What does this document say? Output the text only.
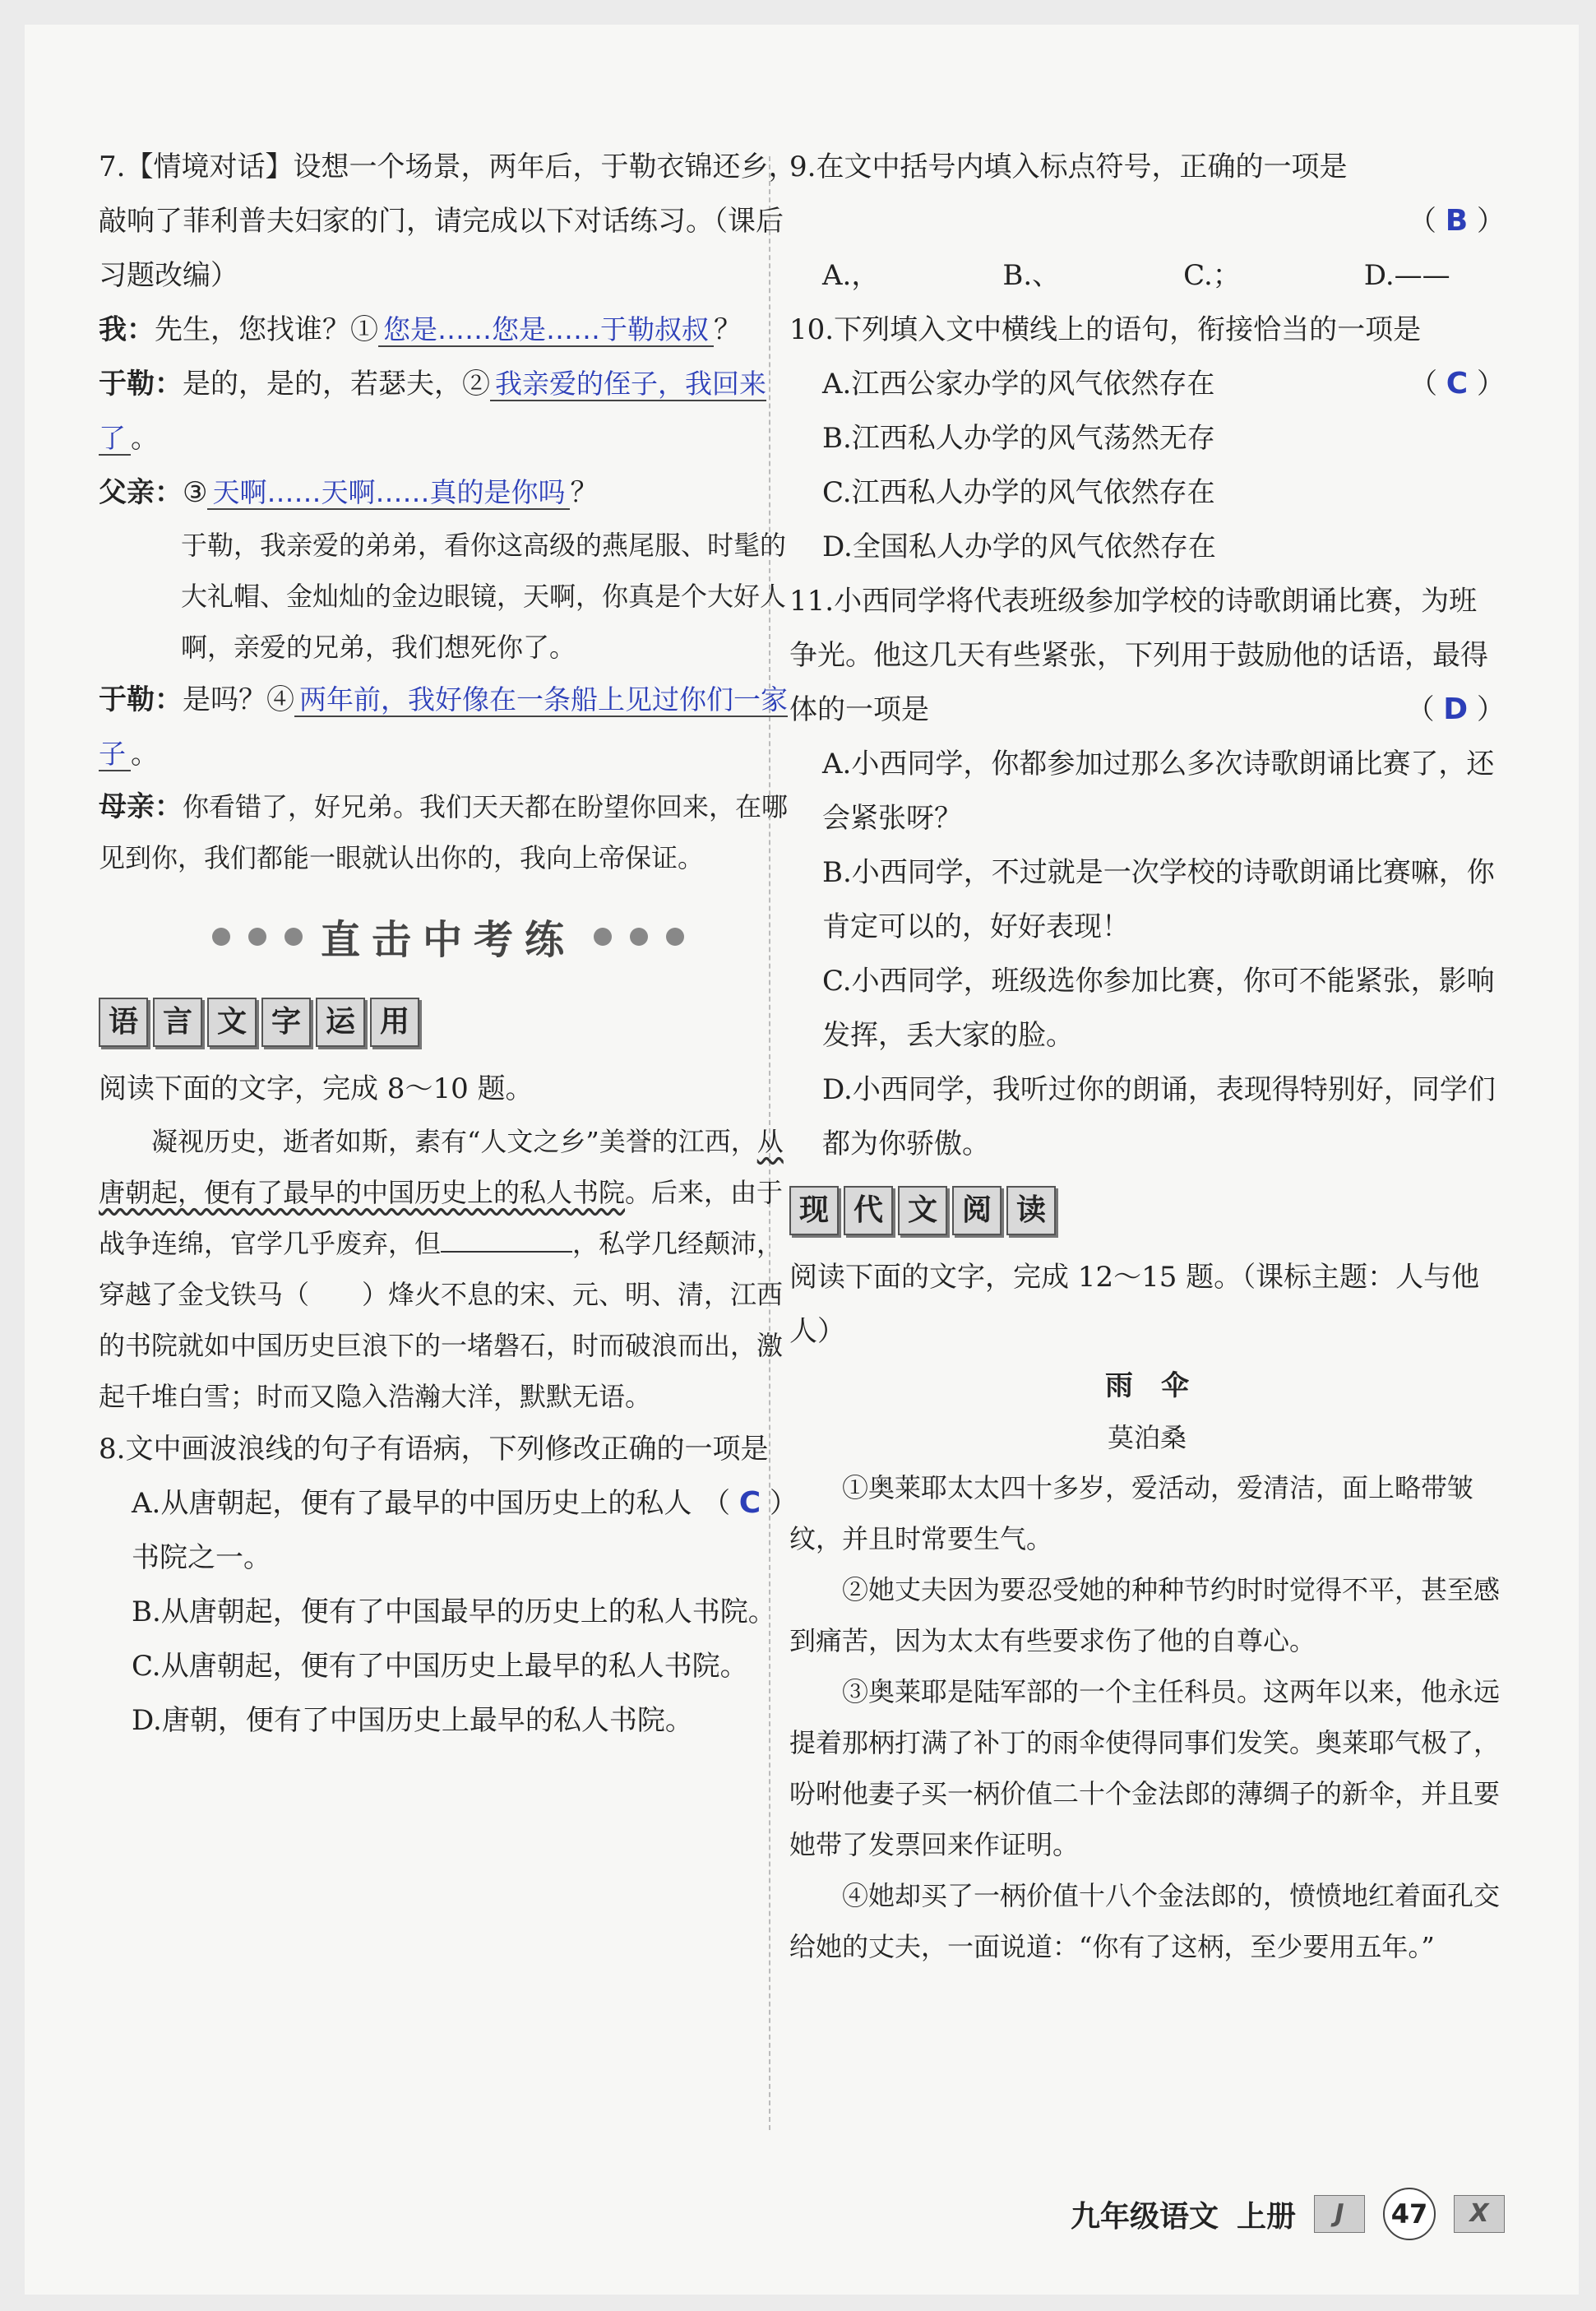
7.【情境对话】设想一个场景，两年后，于勒衣锦还乡，敲响了菲利普夫妇家的门，请完成以下对话练习。（课后习题改编）

我：先生，您找谁？① 您是……您是……于勒叔叔 ？

于勒：是的，是的，若瑟夫，② 我亲爱的侄子，我回来了 。

父亲：③ 天啊……天啊……真的是你吗 ？

于勒，我亲爱的弟弟，看你这高级的燕尾服、时髦的大礼帽、金灿灿的金边眼镜，天啊，你真是个大好人啊，亲爱的兄弟，我们想死你了。

于勒：是吗？④ 两年前，我好像在一条船上见过你们一家子 。

母亲：你看错了，好兄弟。我们天天都在盼望你回来，在哪见到你，我们都能一眼就认出你的，我向上帝保证。

直击中考练
语 言 文 字 运 用

阅读下面的文字，完成 8～10 题。

凝视历史，逝者如斯，素有“人文之乡”美誉的江西，从唐朝起，便有了最早的中国历史上的私人书院。后来，由于战争连绵，官学几乎废弃，但	，私学几经颠沛，穿越了金戈铁马（　　）烽火不息的宋、元、明、清，江西的书院就如中国历史巨浪下的一堵磐石，时而破浪而出，激起千堆白雪；时而又隐入浩瀚大洋，默默无语。

8.文中画波浪线的句子有语病，下列修改正确的一项是
（ C ）

A.从唐朝起，便有了最早的中国历史上的私人书院之一。

B.从唐朝起，便有了中国最早的历史上的私人书院。

C.从唐朝起，便有了中国历史上最早的私人书院。

D.唐朝，便有了中国历史上最早的私人书院。

9.在文中括号内填入标点符号，正确的一项是

（ B ）

A.，	B.、	C.；	D.——

10.下列填入文中横线上的语句，衔接恰当的一项是
（ C ）

A.江西公家办学的风气依然存在

B.江西私人办学的风气荡然无存

C.江西私人办学的风气依然存在

D.全国私人办学的风气依然存在

11.小西同学将代表班级参加学校的诗歌朗诵比赛，为班争光。他这几天有些紧张，下列用于鼓励他的话语，最得体的一项是	（ D ）

A.小西同学，你都参加过那么多次诗歌朗诵比赛了，还会紧张呀？

B.小西同学，不过就是一次学校的诗歌朗诵比赛嘛，你肯定可以的，好好表现！

C.小西同学，班级选你参加比赛，你可不能紧张，影响发挥，丢大家的脸。

D.小西同学，我听过你的朗诵，表现得特别好，同学们都为你骄傲。

现 代 文 阅 读

阅读下面的文字，完成 12～15 题。（课标主题：人与他人）

雨　伞

莫泊桑

①奥莱耶太太四十多岁，爱活动，爱清洁，面上略带皱纹，并且时常要生气。

②她丈夫因为要忍受她的种种节约时时觉得不平，甚至感到痛苦，因为太太有些要求伤了他的自尊心。

③奥莱耶是陆军部的一个主任科员。这两年以来，他永远提着那柄打满了补丁的雨伞使得同事们发笑。奥莱耶气极了，吩咐他妻子买一柄价值二十个金法郎的薄绸子的新伞，并且要她带了发票回来作证明。

④她却买了一柄价值十八个金法郎的，愤愤地红着面孔交给她的丈夫，一面说道：“你有了这柄，至少要用五年。”

九年级语文 上册	J	47	X
